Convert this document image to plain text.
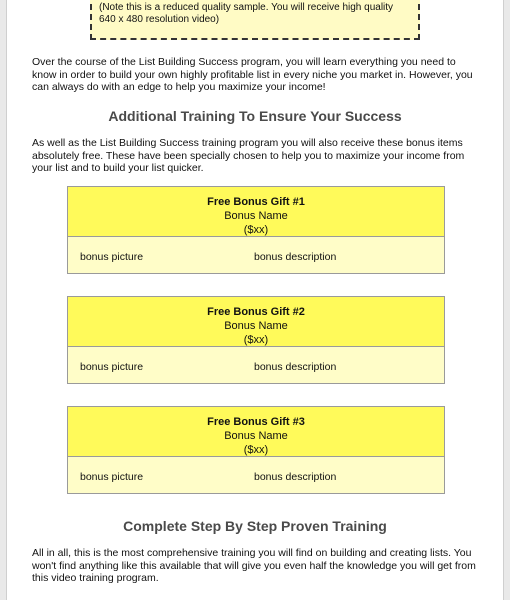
(Note this is a reduced quality sample. You will receive high quality
640 x 480 resolution video)
Over the course of the List Building Success program, you will learn everything you need to know in order to build your own highly profitable list in every niche you market in. However, you can always do with an edge to help you maximize your income!
Additional Training To Ensure Your Success
As well as the List Building Success training program you will also receive these bonus items absolutely free. These have been specially chosen to help you to maximize your income from your list and to build your list quicker.
Free Bonus Gift #1
Bonus Name
($xx)
bonus picture	bonus description
Free Bonus Gift #2
Bonus Name
($xx)
bonus picture	bonus description
Free Bonus Gift #3
Bonus Name
($xx)
bonus picture	bonus description
Complete Step By Step Proven Training
All in all, this is the most comprehensive training you will find on building and creating lists. You won't find anything like this available that will give you even half the knowledge you will get from this video training program.
